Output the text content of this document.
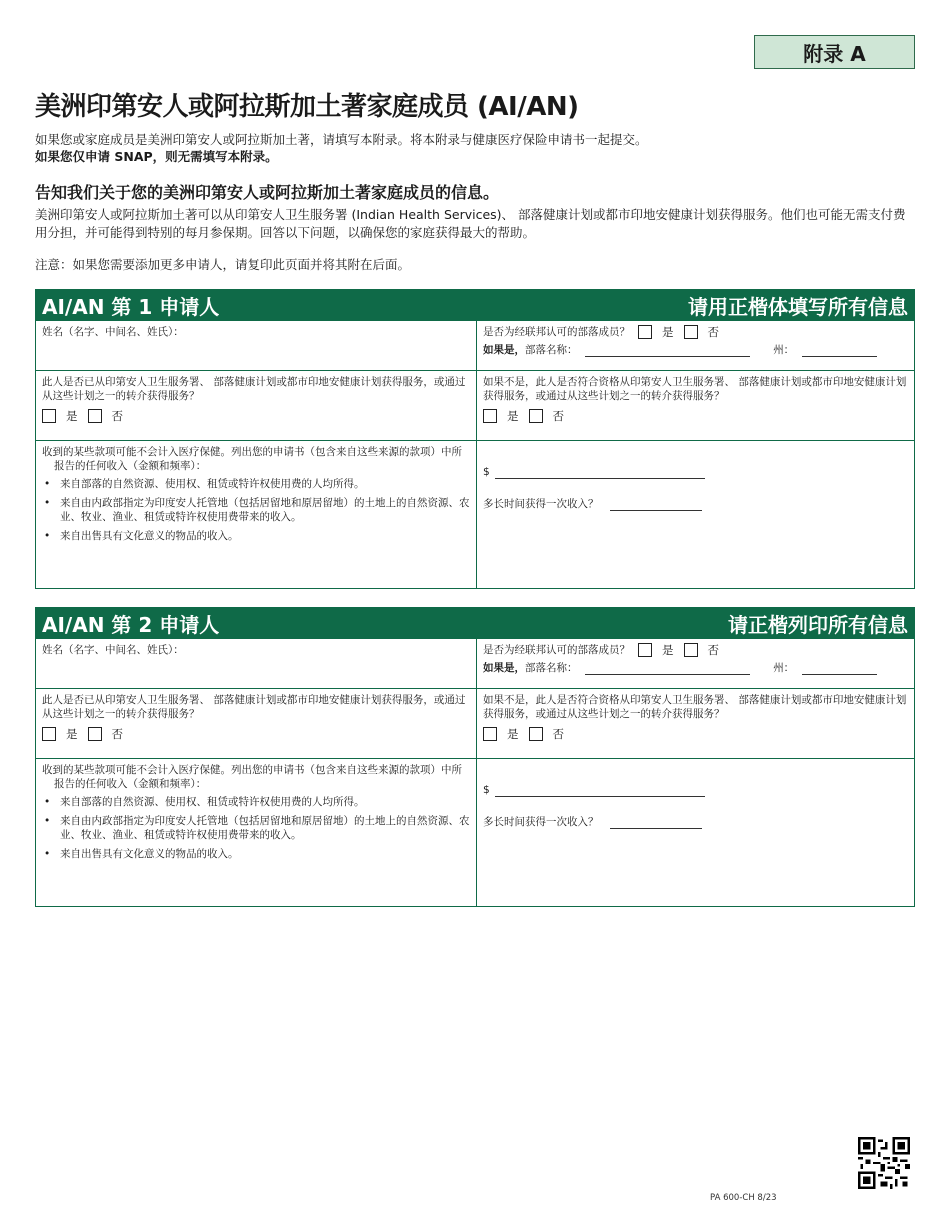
附录 A
美洲印第安人或阿拉斯加土著家庭成员 (AI/AN)
如果您或家庭成员是美洲印第安人或阿拉斯加土著，请填写本附录。将本附录与健康医疗保险申请书一起提交。
如果您仅申请 SNAP，则无需填写本附录。
告知我们关于您的美洲印第安人或阿拉斯加土著家庭成员的信息。
美洲印第安人或阿拉斯加土著可以从印第安人卫生服务署 (Indian Health Services)、 部落健康计划或都市印地安健康计划获得服务。他们也可能无需支付费用分担，并可能得到特别的每月参保期。回答以下问题，以确保您的家庭获得最大的帮助。
注意：如果您需要添加更多申请人，请复印此页面并将其附在后面。
AI/AN 第 1 申请人	请用正楷体填写所有信息
姓名（名字、中间名、姓氏）：	是否为经联邦认可的部落成员？	是	否
如果是，部落名称：	州：
此人是否已从印第安人卫生服务署、 部落健康计划或都市印地安健康计划获得服务，或通过从这些计划之一的转介获得服务？
是	否
如果不是，此人是否符合资格从印第安人卫生服务署、 部落健康计划或都市印地安健康计划获得服务，或通过从这些计划之一的转介获得服务？
是	否
收到的某些款项可能不会计入医疗保健。列出您的申请书（包含来自这些来源的款项）中所报告的任何收入（金额和频率）：
• 来自部落的自然资源、使用权、租赁或特许权使用费的人均所得。
• 来自由内政部指定为印度安人托管地（包括居留地和原居留地）的土地上的自然资源、农业、牧业、渔业、租赁或特许权使用费带来的收入。
• 来自出售具有文化意义的物品的收入。
$
多长时间获得一次收入？
AI/AN 第 2 申请人	请正楷列印所有信息
姓名（名字、中间名、姓氏）：	是否为经联邦认可的部落成员？	是	否
如果是，部落名称：	州：
此人是否已从印第安人卫生服务署、 部落健康计划或都市印地安健康计划获得服务，或通过从这些计划之一的转介获得服务？
是	否
如果不是，此人是否符合资格从印第安人卫生服务署、 部落健康计划或都市印地安健康计划获得服务，或通过从这些计划之一的转介获得服务？
是	否
收到的某些款项可能不会计入医疗保健。列出您的申请书（包含来自这些来源的款项）中所报告的任何收入（金额和频率）：
• 来自部落的自然资源、使用权、租赁或特许权使用费的人均所得。
• 来自由内政部指定为印度安人托管地（包括居留地和原居留地）的土地上的自然资源、农业、牧业、渔业、租赁或特许权使用费带来的收入。
• 来自出售具有文化意义的物品的收入。
$
多长时间获得一次收入？
PA 600-CH 8/23
